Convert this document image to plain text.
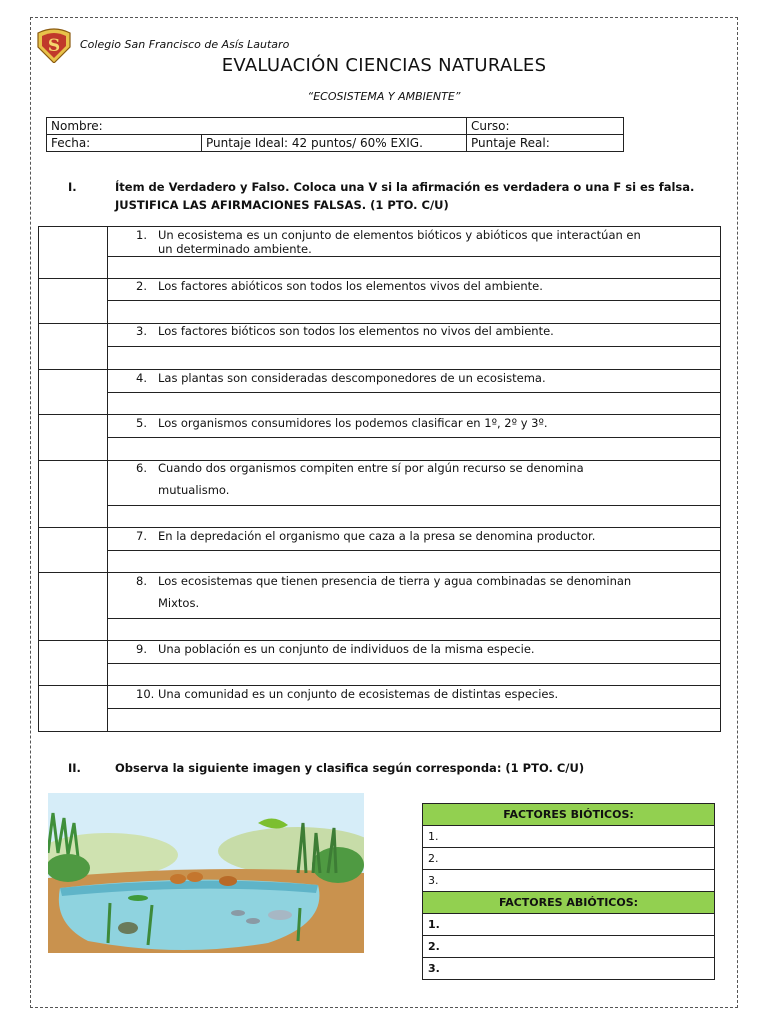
S Colegio San Francisco de Asís Lautaro
EVALUACIÓN CIENCIAS NATURALES
“ECOSISTEMA Y AMBIENTE”
Nombre:		Curso:
Fecha:	Puntaje Ideal: 42 puntos/ 60% EXIG.	Puntaje Real:
I.	Ítem de Verdadero y Falso. Coloca una V si la afirmación es verdadera o una F si es falsa.
JUSTIFICA LAS AFIRMACIONES FALSAS. (1 PTO. C/U)
1. Un ecosistema es un conjunto de elementos bióticos y abióticos que interactúan en
un determinado ambiente.
2. Los factores abióticos son todos los elementos vivos del ambiente.
3. Los factores bióticos son todos los elementos no vivos del ambiente.
4. Las plantas son consideradas descomponedores de un ecosistema.
5. Los organismos consumidores los podemos clasificar en 1º, 2º y 3º.
6. Cuando dos organismos compiten entre sí por algún recurso se denomina
mutualismo.
7. En la depredación el organismo que caza a la presa se denomina productor.
8. Los ecosistemas que tienen presencia de tierra y agua combinadas se denominan
Mixtos.
9. Una población es un conjunto de individuos de la misma especie.
10. Una comunidad es un conjunto de ecosistemas de distintas especies.
II.	Observa la siguiente imagen y clasifica según corresponda: (1 PTO. C/U)
FACTORES BIÓTICOS:
1.
2.
3.
FACTORES ABIÓTICOS:
1.
2.
3.
